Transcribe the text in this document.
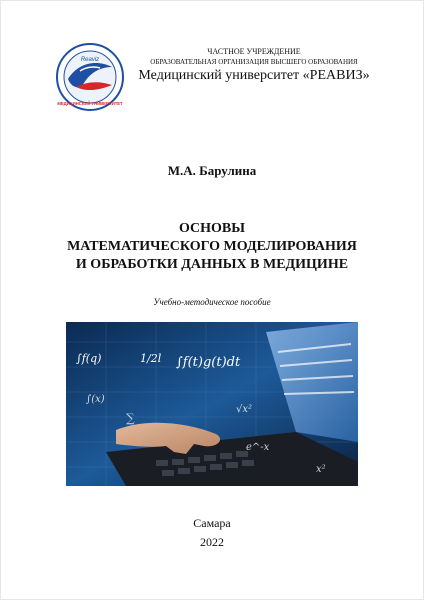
Reaviz
МЕДИЦИНСКИЙ УНИВЕРСИТЕТ
ЧАСТНОЕ УЧРЕЖДЕНИЕ
ОБРАЗОВАТЕЛЬНАЯ ОРГАНИЗАЦИЯ ВЫСШЕГО ОБРАЗОВАНИЯ
Медицинский университет «РЕАВИЗ»
М.А. Барулина
ОСНОВЫ
МАТЕМАТИЧЕСКОГО МОДЕЛИРОВАНИЯ
И ОБРАБОТКИ ДАННЫХ В МЕДИЦИНЕ
Учебно-методическое пособие
∫f(q)	1/2l ∫f(t)g(t)dt
∫(x)
√x²
e^-x
∑
x²
Самара
2022
